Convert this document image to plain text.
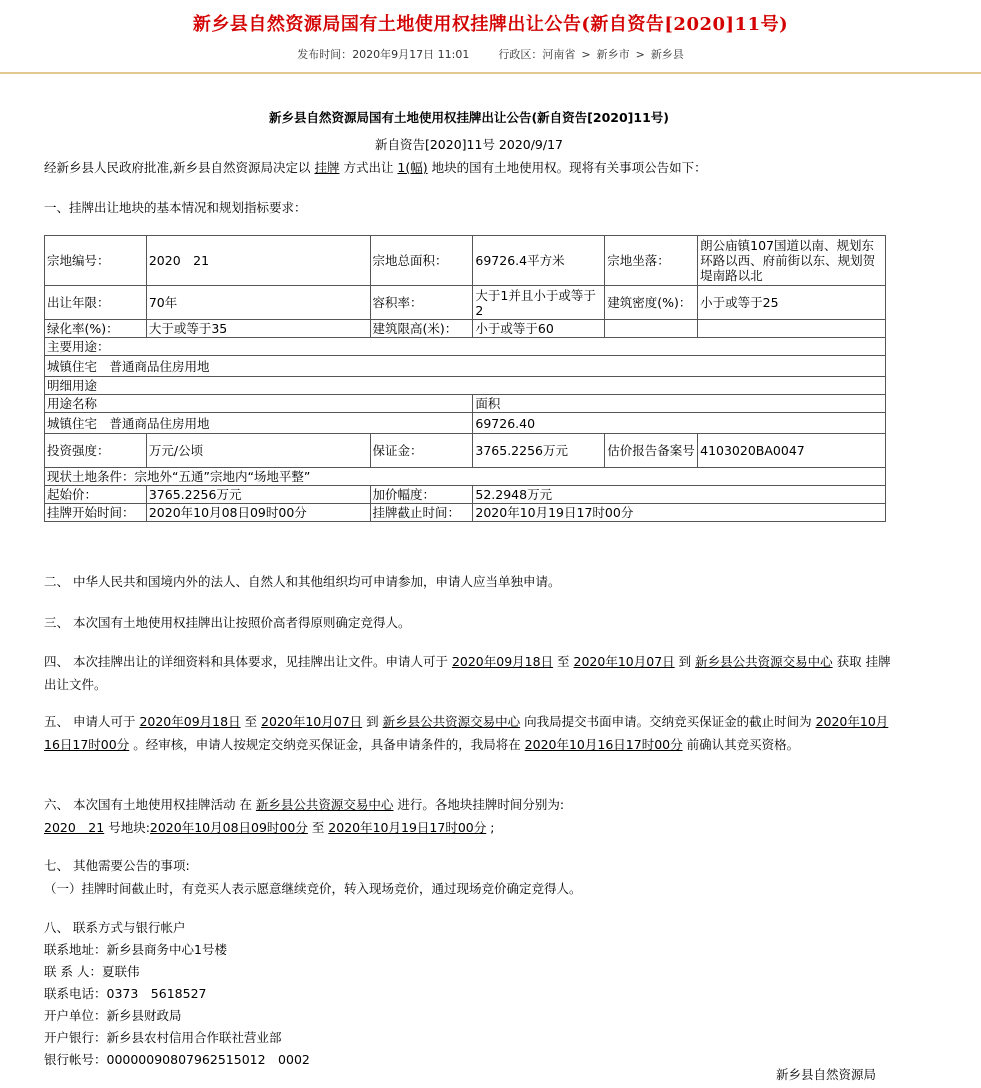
新乡县自然资源局国有土地使用权挂牌出让公告(新自资告[2020]11号)
发布时间：2020年9月17日 11:01	行政区：河南省 > 新乡市 > 新乡县
新乡县自然资源局国有土地使用权挂牌出让公告(新自资告[2020]11号)
新自资告[2020]11号 2020/9/17
经新乡县人民政府批准,新乡县自然资源局决定以 挂牌 方式出让 1(幅) 地块的国有土地使用权。现将有关事项公告如下：
一、挂牌出让地块的基本情况和规划指标要求：
宗地编号：	2020　21	宗地总面积：	69726.4平方米	宗地坐落：	朗公庙镇107国道以南、规划东环路以西、府前街以东、规划贺堤南路以北
出让年限：	70年	容积率：	大于1并且小于或等于2	建筑密度(%)：	小于或等于25
绿化率(%)：	大于或等于35	建筑限高(米)：	小于或等于60		
主要用途：					
城镇住宅　普通商品住房用地					
明细用途					
用途名称			面积		
城镇住宅　普通商品住房用地			69726.40		
投资强度：	万元/公顷	保证金：	3765.2256万元	估价报告备案号	4103020BA0047
现状土地条件：宗地外“五通”宗地内“场地平整”					
起始价：	3765.2256万元	加价幅度：	52.2948万元		
挂牌开始时间：	2020年10月08日09时00分	挂牌截止时间：	2020年10月19日17时00分		
二、 中华人民共和国境内外的法人、自然人和其他组织均可申请参加，申请人应当单独申请。
三、 本次国有土地使用权挂牌出让按照价高者得原则确定竞得人。
四、 本次挂牌出让的详细资料和具体要求，见挂牌出让文件。申请人可于 2020年09月18日 至 2020年10月07日 到 新乡县公共资源交易中心 获取 挂牌 出让文件。
五、 申请人可于 2020年09月18日 至 2020年10月07日 到 新乡县公共资源交易中心 向我局提交书面申请。交纳竞买保证金的截止时间为 2020年10月16日17时00分 。经审核，申请人按规定交纳竞买保证金，具备申请条件的，我局将在 2020年10月16日17时00分 前确认其竞买资格。
六、 本次国有土地使用权挂牌活动 在 新乡县公共资源交易中心 进行。各地块挂牌时间分别为:
2020　21 号地块:2020年10月08日09时00分 至 2020年10月19日17时00分 ;
七、 其他需要公告的事项:
（一）挂牌时间截止时，有竞买人表示愿意继续竞价，转入现场竞价，通过现场竞价确定竞得人。
八、 联系方式与银行帐户
联系地址：新乡县商务中心1号楼
联 系 人：夏联伟
联系电话：0373　5618527
开户单位：新乡县财政局
开户银行：新乡县农村信用合作联社营业部
银行帐号：00000090807962515012　0002
新乡县自然资源局
